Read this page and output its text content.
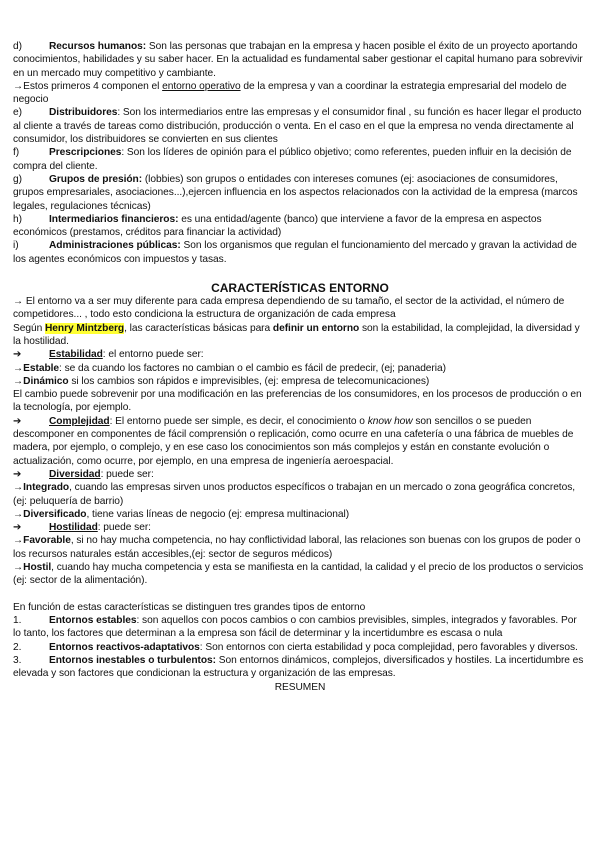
d)	Recursos humanos: Son las personas que trabajan en la empresa y hacen posible el éxito de un proyecto aportando conocimientos, habilidades y su saber hacer. En la actualidad es fundamental saber gestionar el capital humano para sobrevivir en un mercado muy competitivo y cambiante.

→Estos primeros 4 componen el entorno operativo de la empresa y van a coordinar la estrategia empresarial del modelo de negocio

e)	Distribuidores: Son los intermediarios entre las empresas y el consumidor final , su función es hacer llegar el producto al cliente a través de tareas como distribución, producción o venta. En el caso en el que la empresa no venda directamente al consumidor, los distribuidores se convierten en sus clientes

f)	Prescripciones: Son los líderes de opinión para el público objetivo; como referentes, pueden influir en la decisión de compra del cliente.

g)	Grupos de presión: (lobbies) son grupos o entidades con intereses comunes (ej: asociaciones de consumidores, grupos empresariales, asociaciones...),ejercen influencia en los aspectos relacionados con la actividad de la empresa (marcos legales, regulaciones técnicas)

h)	Intermediarios financieros: es una entidad/agente (banco) que interviene a favor de la empresa en aspectos económicos (prestamos, créditos para financiar la actividad)

i)	Administraciones públicas: Son los organismos que regulan el funcionamiento del mercado y gravan la actividad de los agentes económicos con impuestos y tasas.

CARACTERÍSTICAS ENTORNO

→ El entorno va a ser muy diferente para cada empresa dependiendo de su tamaño, el sector de la actividad, el número de competidores... , todo esto condiciona la estructura de organización de cada empresa

Según Henry Mintzberg, las características básicas para definir un entorno son la estabilidad, la complejidad, la diversidad y la hostilidad.

➔	Estabilidad: el entorno puede ser:

→Estable: se da cuando los factores no cambian o el cambio es fácil de predecir, (ej; panaderia)

→Dinámico si los cambios son rápidos e imprevisibles, (ej: empresa de telecomunicaciones)

El cambio puede sobrevenir por una modificación en las preferencias de los consumidores, en los procesos de producción o en la tecnología, por ejemplo.

➔	Complejidad: El entorno puede ser simple, es decir, el conocimiento o know how son sencillos o se pueden descomponer en componentes de fácil comprensión o replicación, como ocurre en una cafetería o una fábrica de muebles de madera, por ejemplo, o complejo, y en ese caso los conocimientos son más complejos y están en constante evolución o actualización, como ocurre, por ejemplo, en una empresa de ingeniería aeroespacial.

➔	Diversidad: puede ser:

→Integrado, cuando las empresas sirven unos productos específicos o trabajan en un mercado o zona geográfica concretos, (ej: peluquería de barrio)

→Diversificado, tiene varias líneas de negocio (ej: empresa multinacional)

➔	Hostilidad: puede ser:

→Favorable, si no hay mucha competencia, no hay conflictividad laboral, las relaciones son buenas con los grupos de poder o los recursos naturales están accesibles,(ej: sector de seguros médicos)

→Hostil, cuando hay mucha competencia y esta se manifiesta en la cantidad, la calidad y el precio de los productos o servicios (ej: sector de la alimentación).

En función de estas características se distinguen tres grandes tipos de entorno

1.	Entornos estables: son aquellos con pocos cambios o con cambios previsibles, simples, integrados y favorables. Por lo tanto, los factores que determinan a la empresa son fácil de determinar y la incertidumbre es escasa o nula

2.	Entornos reactivos-adaptativos: Son entornos con cierta estabilidad y poca complejidad, pero favorables y diversos.

3.	Entornos inestables o turbulentos: Son entornos dinámicos, complejos, diversificados y hostiles. La incertidumbre es elevada y son factores que condicionan la estructura y organización de las empresas.

RESUMEN
